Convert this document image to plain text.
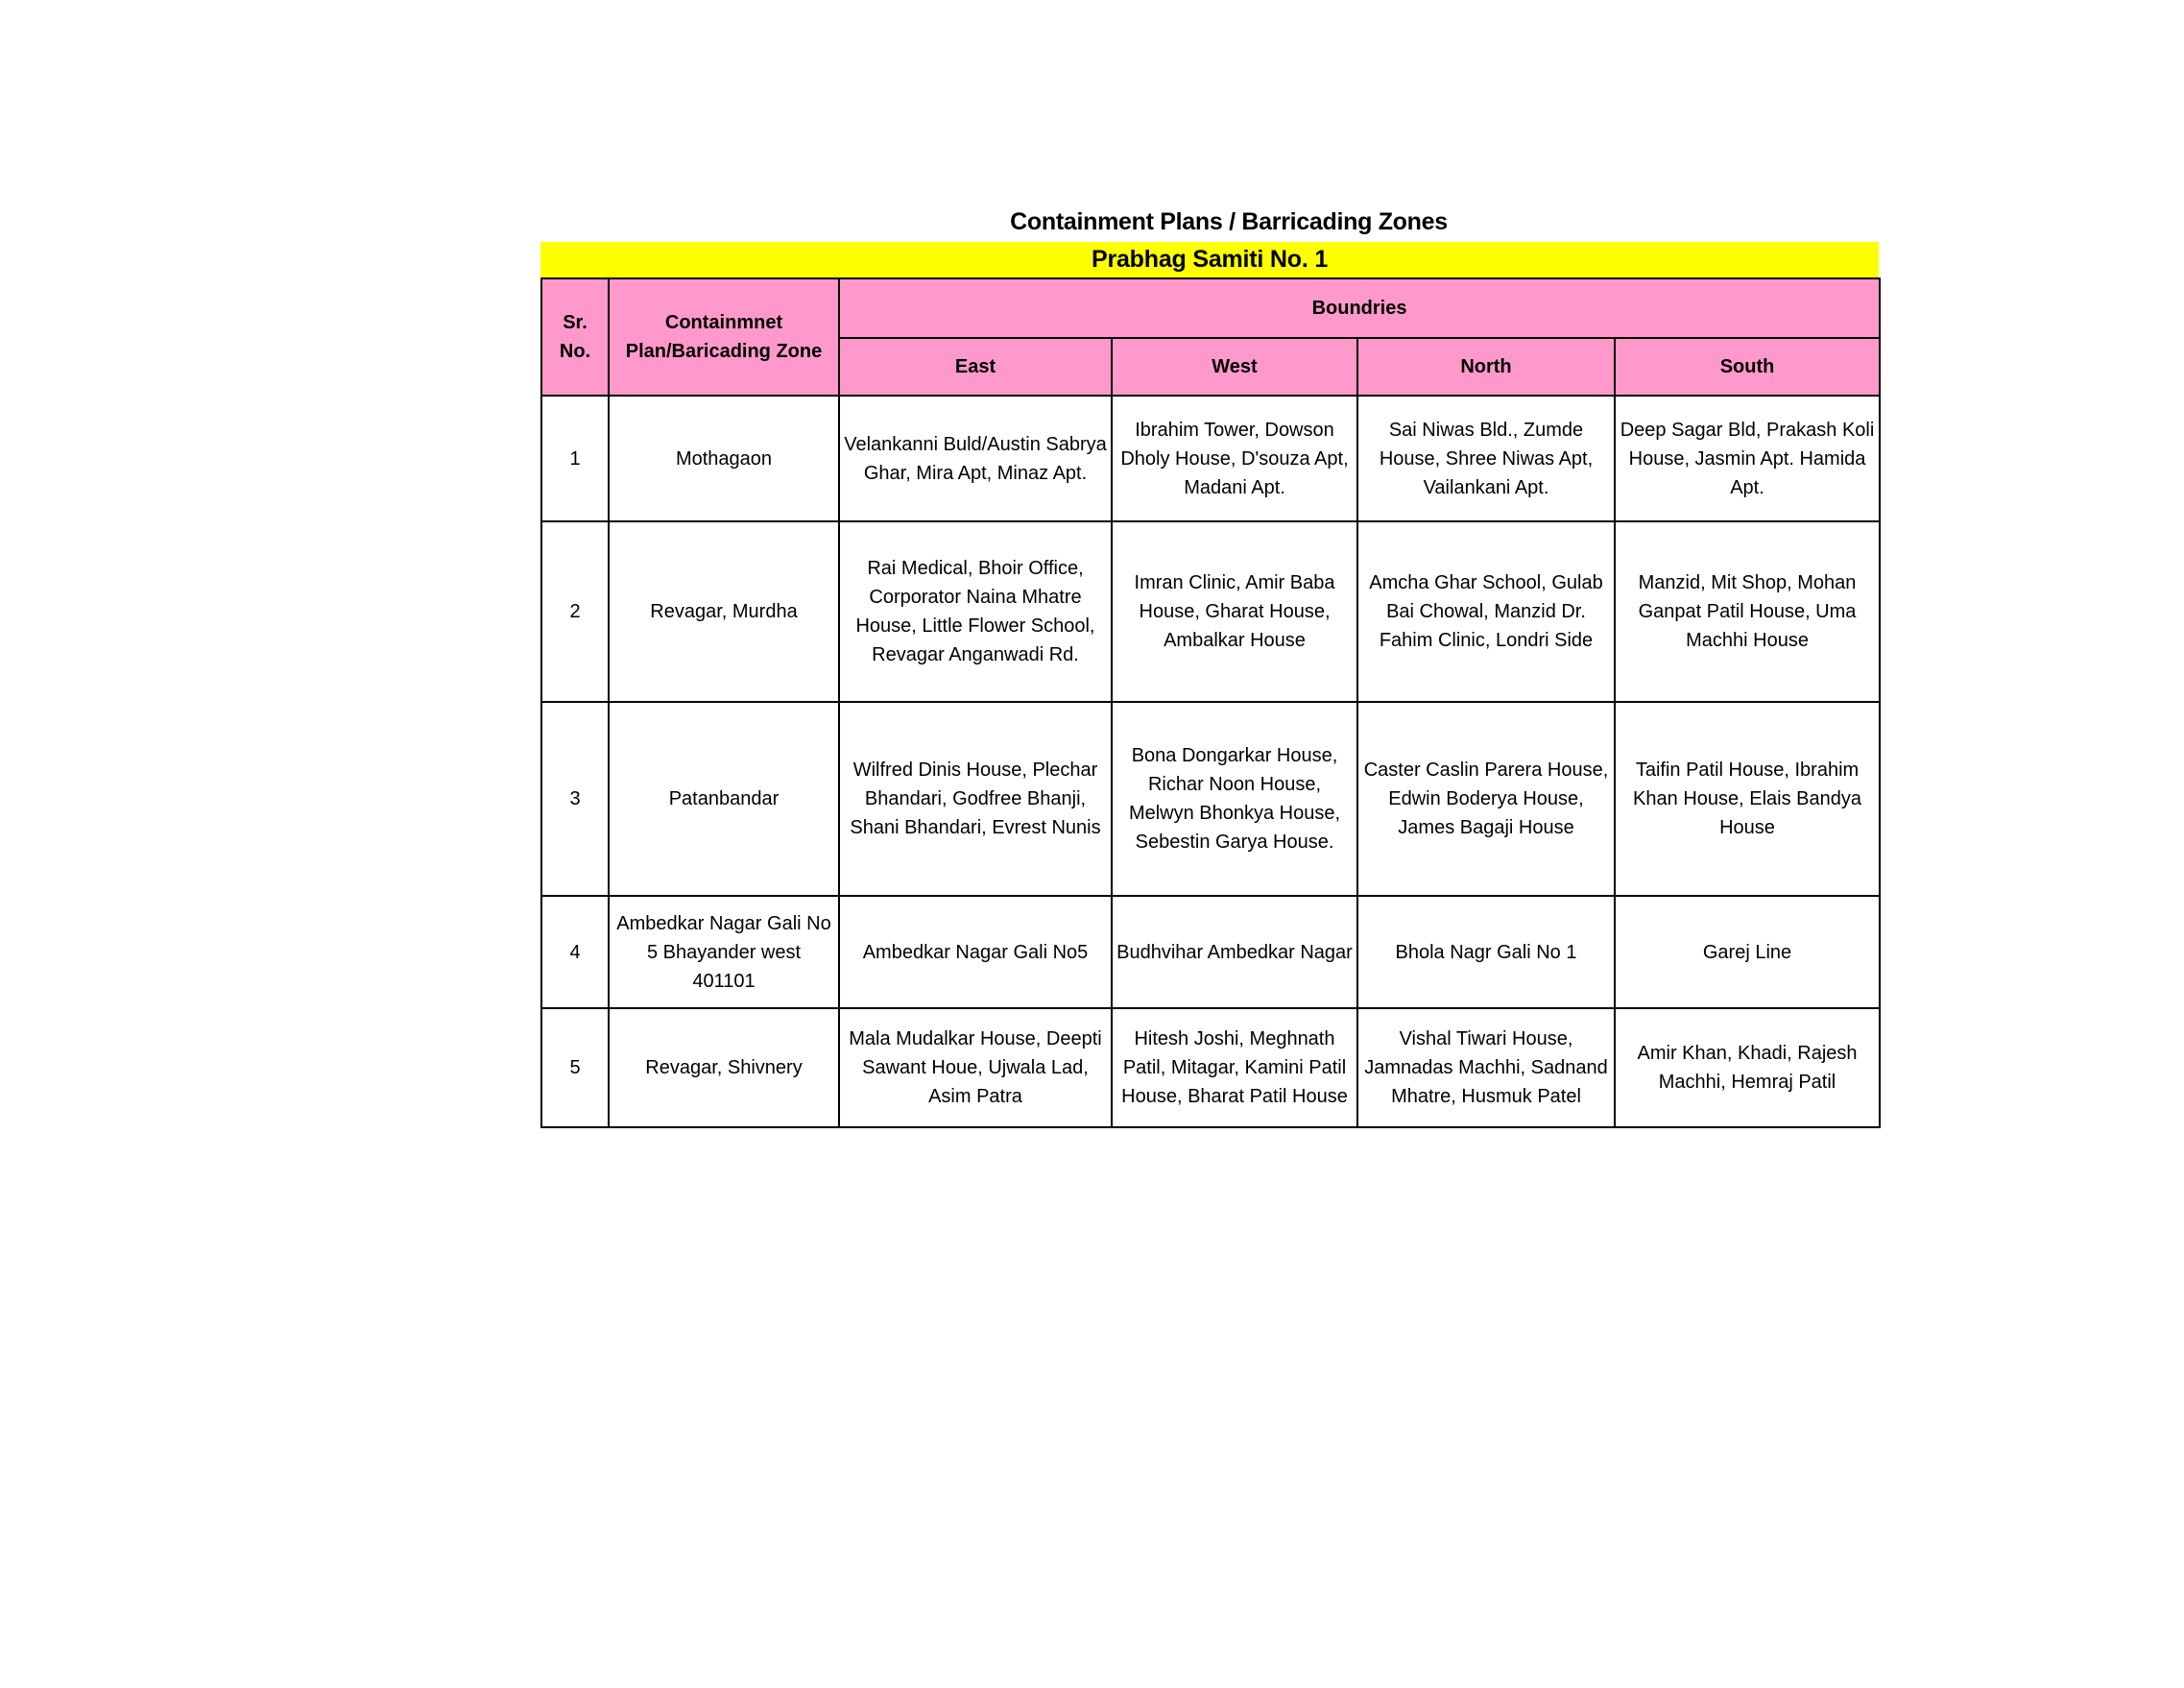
Containment Plans / Barricading Zones
Prabhag Samiti No. 1
Sr. No.	Containmnet Plan/Baricading Zone	Boundries			
		East	West	North	South
1	Mothagaon	Velankanni Buld/Austin Sabrya Ghar, Mira Apt, Minaz Apt.	Ibrahim Tower, Dowson Dholy House, D'souza Apt, Madani Apt.	Sai Niwas Bld., Zumde House, Shree Niwas Apt, Vailankani Apt.	Deep Sagar Bld, Prakash Koli House, Jasmin Apt. Hamida Apt.
2	Revagar, Murdha	Rai Medical, Bhoir Office, Corporator Naina Mhatre House, Little Flower School, Revagar Anganwadi Rd.	Imran Clinic, Amir Baba House, Gharat House, Ambalkar House	Amcha Ghar School, Gulab Bai Chowal, Manzid Dr. Fahim Clinic, Londri Side	Manzid, Mit Shop, Mohan Ganpat Patil House, Uma Machhi House
3	Patanbandar	Wilfred Dinis House, Plechar Bhandari, Godfree Bhanji, Shani Bhandari, Evrest Nunis	Bona Dongarkar House, Richar Noon House, Melwyn Bhonkya House, Sebestin Garya House.	Caster Caslin Parera House, Edwin Boderya House, James Bagaji House	Taifin Patil House, Ibrahim Khan House, Elais Bandya House
4	Ambedkar Nagar Gali No 5 Bhayander west 401101	Ambedkar Nagar Gali No5	Budhvihar Ambedkar Nagar	Bhola Nagr Gali No 1	Garej Line
5	Revagar, Shivnery	Mala Mudalkar House, Deepti Sawant Houe, Ujwala Lad, Asim Patra	Hitesh Joshi, Meghnath Patil, Mitagar, Kamini Patil House, Bharat Patil House	Vishal Tiwari House, Jamnadas Machhi, Sadnand Mhatre, Husmuk Patel	Amir Khan, Khadi, Rajesh Machhi, Hemraj Patil
